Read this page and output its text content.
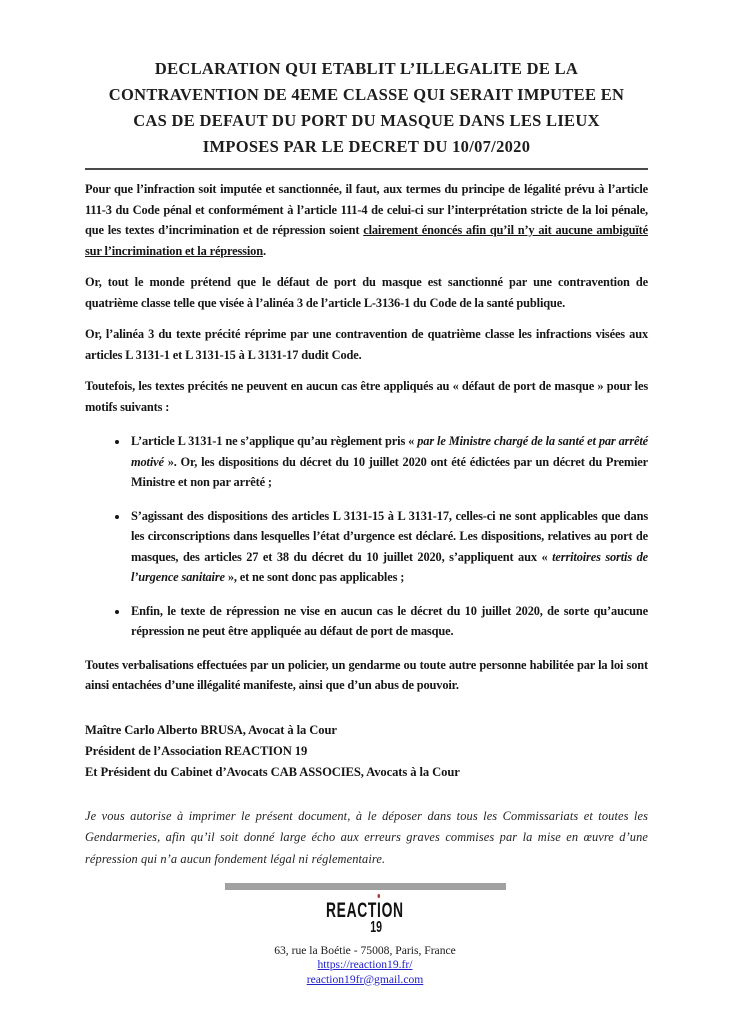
DECLARATION QUI ETABLIT L’ILLEGALITE DE LA
CONTRAVENTION DE 4EME CLASSE QUI SERAIT IMPUTEE EN
CAS DE DEFAUT DU PORT DU MASQUE DANS LES LIEUX
IMPOSES PAR LE DECRET DU 10/07/2020

Pour que l’infraction soit imputée et sanctionnée, il faut, aux termes du principe de légalité prévu à l’article 111-3 du Code pénal et conformément à l’article 111-4 de celui-ci sur l’interprétation stricte de la loi pénale, que les textes d’incrimination et de répression soient clairement énoncés afin qu’il n’y ait aucune ambiguïté sur l’incrimination et la répression.

Or, tout le monde prétend que le défaut de port du masque est sanctionné par une contravention de quatrième classe telle que visée à l’alinéa 3 de l’article L-3136-1 du Code de la santé publique.

Or, l’alinéa 3 du texte précité réprime par une contravention de quatrième classe les infractions visées aux articles L 3131-1 et L 3131-15 à L 3131-17 dudit Code.

Toutefois, les textes précités ne peuvent en aucun cas être appliqués au « défaut de port de masque » pour les motifs suivants :

• L’article L 3131-1 ne s’applique qu’au règlement pris « par le Ministre chargé de la santé et par arrêté motivé ». Or, les dispositions du décret du 10 juillet 2020 ont été édictées par un décret du Premier Ministre et non par arrêté ;
• S’agissant des dispositions des articles L 3131-15 à L 3131-17, celles-ci ne sont applicables que dans les circonscriptions dans lesquelles l’état d’urgence est déclaré. Les dispositions, relatives au port de masques, des articles 27 et 38 du décret du 10 juillet 2020, s’appliquent aux « territoires sortis de l’urgence sanitaire », et ne sont donc pas applicables ;
• Enfin, le texte de répression ne vise en aucun cas le décret du 10 juillet 2020, de sorte qu’aucune répression ne peut être appliquée au défaut de port de masque.

Toutes verbalisations effectuées par un policier, un gendarme ou toute autre personne habilitée par la loi sont ainsi entachées d’une illégalité manifeste, ainsi que d’un abus de pouvoir.

Maître Carlo Alberto BRUSA, Avocat à la Cour
Président de l’Association REACTION 19
Et Président du Cabinet d’Avocats CAB ASSOCIES, Avocats à la Cour

Je vous autorise à imprimer le présent document, à le déposer dans tous les Commissariats et toutes les Gendarmeries, afin qu’il soit donné large écho aux erreurs graves commises par la mise en œuvre d’une répression qui n’a aucun fondement légal ni réglementaire.

REACTI
ON
19
63, rue la Boétie - 75008, Paris, France
https://reaction19.fr/
reaction19fr@gmail.com
